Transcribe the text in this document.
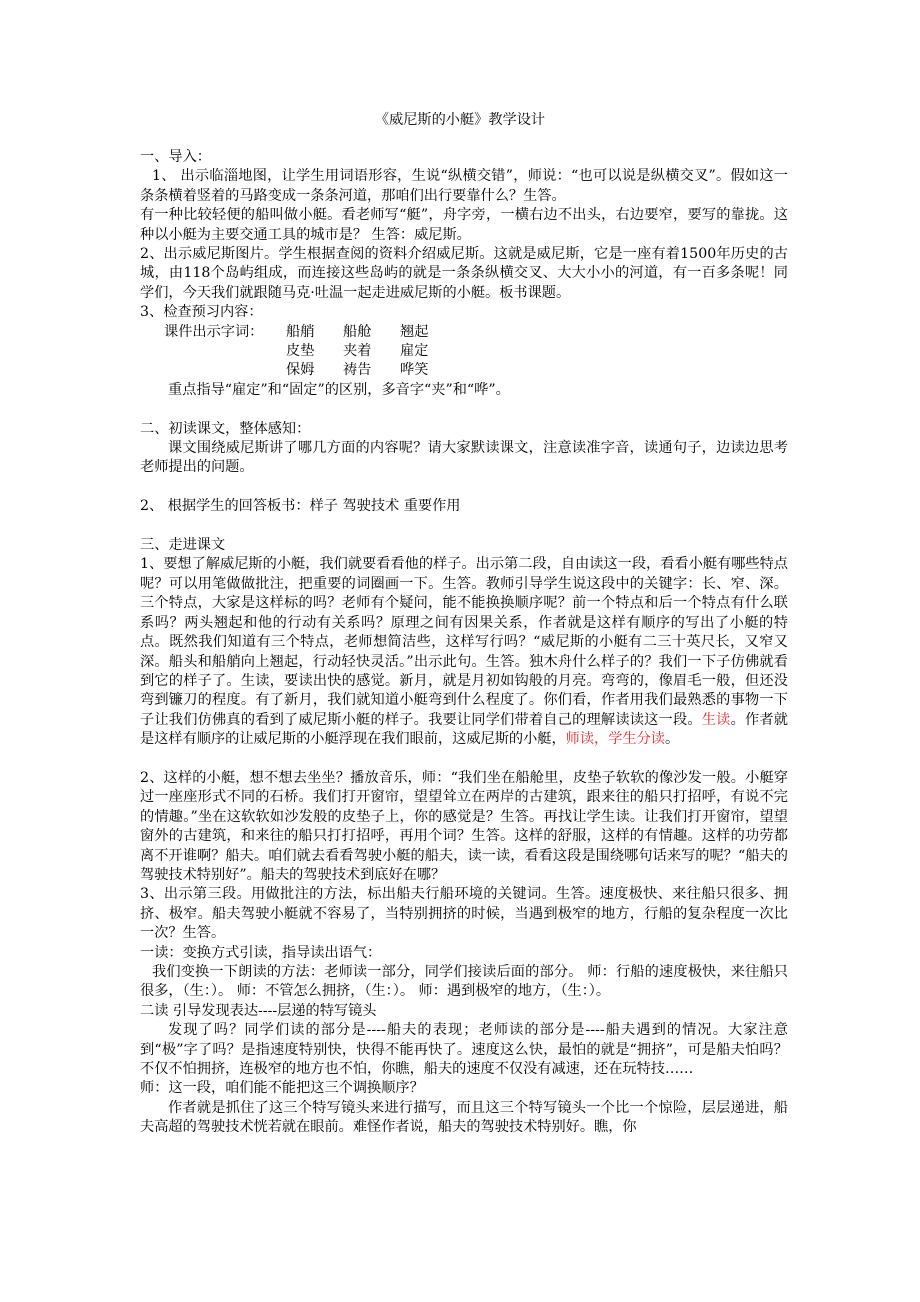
《威尼斯的小艇》教学设计

一、导入：

1、 出示临淄地图，让学生用词语形容，生说“纵横交错”，师说：“也可以说是纵横交叉”。假如这一条条横着竖着的马路变成一条条河道，那咱们出行要靠什么？生答。

有一种比较轻便的船叫做小艇。看老师写“艇”，舟字旁，一横右边不出头，右边要窄，要写的靠拢。这种以小艇为主要交通工具的城市是？ 生答：威尼斯。

2、出示威尼斯图片。学生根据查阅的资料介绍威尼斯。这就是威尼斯，它是一座有着1500年历史的古城，由118个岛屿组成，而连接这些岛屿的就是一条条纵横交叉、大大小小的河道，有一百多条呢！同学们，今天我们就跟随马克·吐温一起走进威尼斯的小艇。板书课题。

3、检查预习内容：

课件出示字词：	船艄	船舱	翘起
	皮垫	夹着	雇定
	保姆	祷告	哗笑

重点指导“雇定”和“固定”的区别，多音字“夹”和“哗”。

二、初读课文，整体感知：

课文围绕威尼斯讲了哪几方面的内容呢？请大家默读课文，注意读准字音，读通句子，边读边思考老师提出的问题。

2、 根据学生的回答板书：样子 驾驶技术 重要作用

三、走进课文

1、要想了解威尼斯的小艇，我们就要看看他的样子。出示第二段，自由读这一段，看看小艇有哪些特点呢？可以用笔做做批注，把重要的词圈画一下。生答。教师引导学生说这段中的关键字：长、窄、深。三个特点，大家是这样标的吗？老师有个疑问，能不能换换顺序呢？前一个特点和后一个特点有什么联系吗？两头翘起和他的行动有关系吗？原理之间有因果关系，作者就是这样有顺序的写出了小艇的特点。既然我们知道有三个特点，老师想简洁些，这样写行吗？“威尼斯的小艇有二三十英尺长，又窄又深。船头和船艄向上翘起，行动轻快灵活。”出示此句。生答。独木舟什么样子的？我们一下子仿佛就看到它的样子了。生读，要读出快的感觉。新月，就是月初如钩般的月亮。弯弯的，像眉毛一般，但还没弯到镰刀的程度。有了新月，我们就知道小艇弯到什么程度了。你们看，作者用我们最熟悉的事物一下子让我们仿佛真的看到了威尼斯小艇的样子。我要让同学们带着自己的理解读读这一段。生读。作者就是这样有顺序的让威尼斯的小艇浮现在我们眼前，这威尼斯的小艇，师读，学生分读。

2、这样的小艇，想不想去坐坐？播放音乐，师：“我们坐在船舱里，皮垫子软软的像沙发一般。小艇穿过一座座形式不同的石桥。我们打开窗帘，望望耸立在两岸的古建筑，跟来往的船只打招呼，有说不完的情趣。”坐在这软软如沙发般的皮垫子上，你的感觉是？生答。再找让学生读。让我们打开窗帘，望望窗外的古建筑，和来往的船只打打招呼，再用个词？生答。这样的舒服，这样的有情趣。这样的功劳都离不开谁啊？船夫。咱们就去看看驾驶小艇的船夫，读一读，看看这段是围绕哪句话来写的呢？“船夫的驾驶技术特别好”。船夫的驾驶技术到底好在哪？

3、出示第三段。用做批注的方法，标出船夫行船环境的关键词。生答。速度极快、来往船只很多、拥挤、极窄。船夫驾驶小艇就不容易了，当特别拥挤的时候，当遇到极窄的地方，行船的复杂程度一次比一次？生答。

一读：变换方式引读，指导读出语气：

我们变换一下朗读的方法：老师读一部分，同学们接读后面的部分。 师：行船的速度极快，来往船只很多，（生：）。 师：不管怎么拥挤，（生：）。 师：遇到极窄的地方，（生：）。

二读 引导发现表达----层递的特写镜头

发现了吗？同学们读的部分是----船夫的表现；老师读的部分是----船夫遇到的情况。大家注意到“极”字了吗？是指速度特别快，快得不能再快了。速度这么快，最怕的就是“拥挤”，可是船夫怕吗？不仅不怕拥挤，连极窄的地方也不怕，你瞧，船夫的速度不仅没有减速，还在玩特技……

师：这一段，咱们能不能把这三个调换顺序？

作者就是抓住了这三个特写镜头来进行描写，而且这三个特写镜头一个比一个惊险，层层递进，船夫高超的驾驶技术恍若就在眼前。难怪作者说，船夫的驾驶技术特别好。瞧，你
